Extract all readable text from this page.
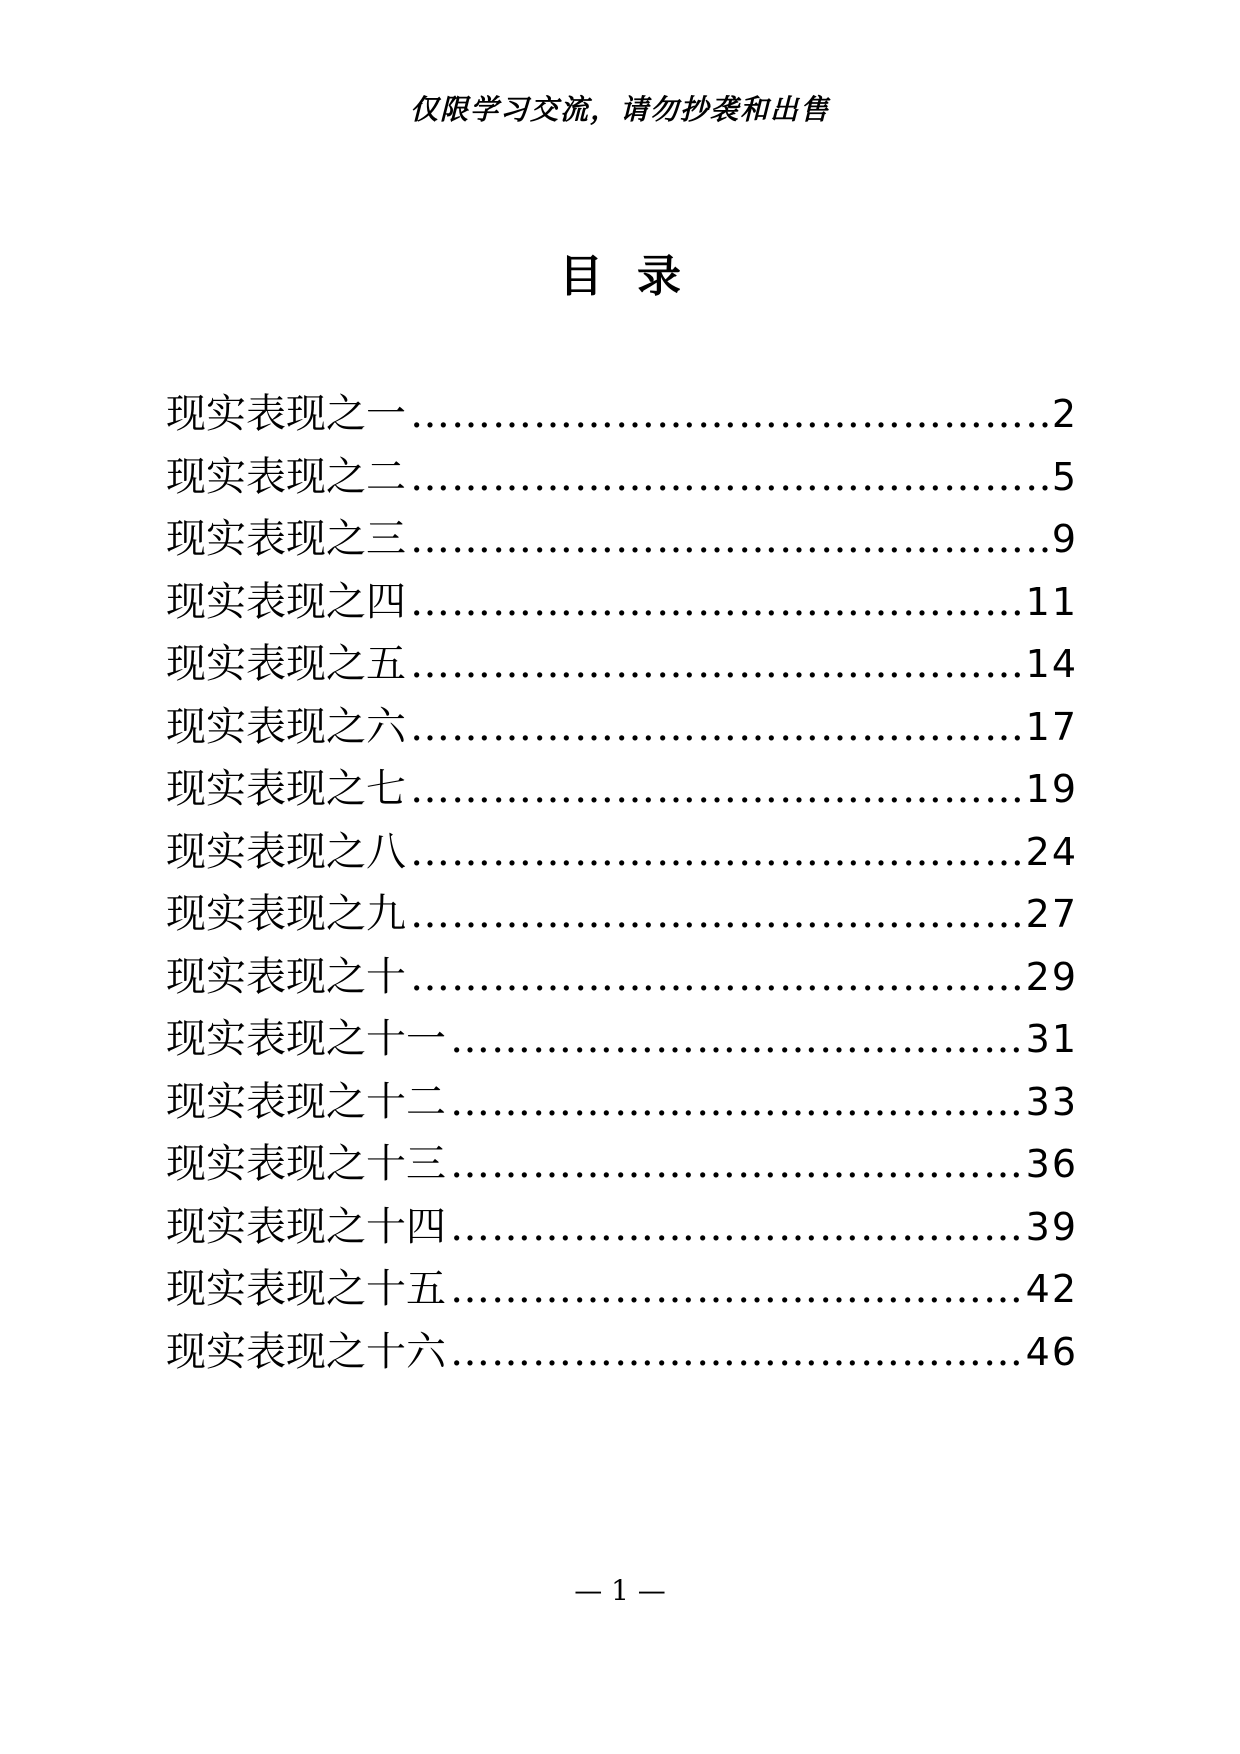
仅限学习交流，请勿抄袭和出售
目录
现实表现之一 ……………………………………………………………………………………………………………………	2
现实表现之二 ……………………………………………………………………………………………………………………	5
现实表现之三 ……………………………………………………………………………………………………………………	9
现实表现之四 ……………………………………………………………………………………………………………………	11
现实表现之五 ……………………………………………………………………………………………………………………	14
现实表现之六 ……………………………………………………………………………………………………………………	17
现实表现之七 ……………………………………………………………………………………………………………………	19
现实表现之八 ……………………………………………………………………………………………………………………	24
现实表现之九 ……………………………………………………………………………………………………………………	27
现实表现之十 ……………………………………………………………………………………………………………………	29
现实表现之十一 ……………………………………………………………………………………………………………………	31
现实表现之十二 ……………………………………………………………………………………………………………………	33
现实表现之十三 ……………………………………………………………………………………………………………………	36
现实表现之十四 ……………………………………………………………………………………………………………………	39
现实表现之十五 ……………………………………………………………………………………………………………………	42
现实表现之十六 ……………………………………………………………………………………………………………………	46
— 1 —
